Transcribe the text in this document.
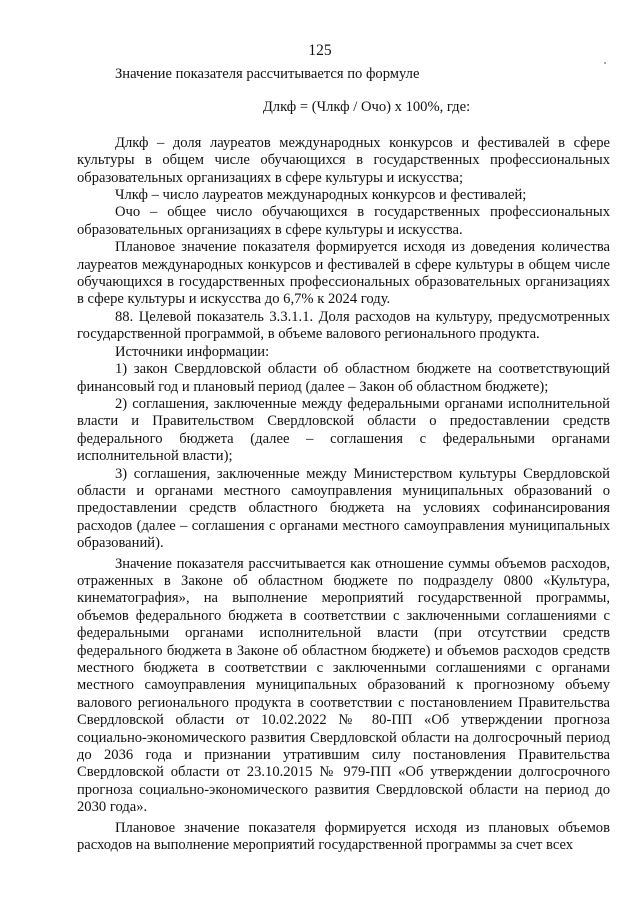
125

Значение показателя рассчитывается по формуле

Длкф = (Члкф / Очо) х 100%, где:

Длкф – доля лауреатов международных конкурсов и фестивалей в сфере культуры в общем числе обучающихся в государственных профессиональных образовательных организациях в сфере культуры и искусства;

Члкф – число лауреатов международных конкурсов и фестивалей;

Очо – общее число обучающихся в государственных профессиональных образовательных организациях в сфере культуры и искусства.

Плановое значение показателя формируется исходя из доведения количества лауреатов международных конкурсов и фестивалей в сфере культуры в общем числе обучающихся в государственных профессиональных образовательных организациях в сфере культуры и искусства до 6,7% к 2024 году.

88. Целевой показатель 3.3.1.1. Доля расходов на культуру, предусмотренных государственной программой, в объеме валового регионального продукта.

Источники информации:

1) закон Свердловской области об областном бюджете на соответствующий финансовый год и плановый период (далее – Закон об областном бюджете);

2) соглашения, заключенные между федеральными органами исполнительной власти и Правительством Свердловской области о предоставлении средств федерального бюджета (далее – соглашения с федеральными органами исполнительной власти);

3) соглашения, заключенные между Министерством культуры Свердловской области и органами местного самоуправления муниципальных образований о предоставлении средств областного бюджета на условиях софинансирования расходов (далее – соглашения с органами местного самоуправления муниципальных образований).

Значение показателя рассчитывается как отношение суммы объемов расходов, отраженных в Законе об областном бюджете по подразделу 0800 «Культура, кинематография», на выполнение мероприятий государственной программы, объемов федерального бюджета в соответствии с заключенными соглашениями с федеральными органами исполнительной власти (при отсутствии средств федерального бюджета в Законе об областном бюджете) и объемов расходов средств местного бюджета в соответствии с заключенными соглашениями с органами местного самоуправления муниципальных образований к прогнозному объему валового регионального продукта в соответствии с постановлением Правительства Свердловской области от 10.02.2022 № 80-ПП «Об утверждении прогноза социально-экономического развития Свердловской области на долгосрочный период до 2036 года и признании утратившим силу постановления Правительства Свердловской области от 23.10.2015 № 979-ПП «Об утверждении долгосрочного прогноза социально-экономического развития Свердловской области на период до 2030 года».

Плановое значение показателя формируется исходя из плановых объемов расходов на выполнение мероприятий государственной программы за счет всех
